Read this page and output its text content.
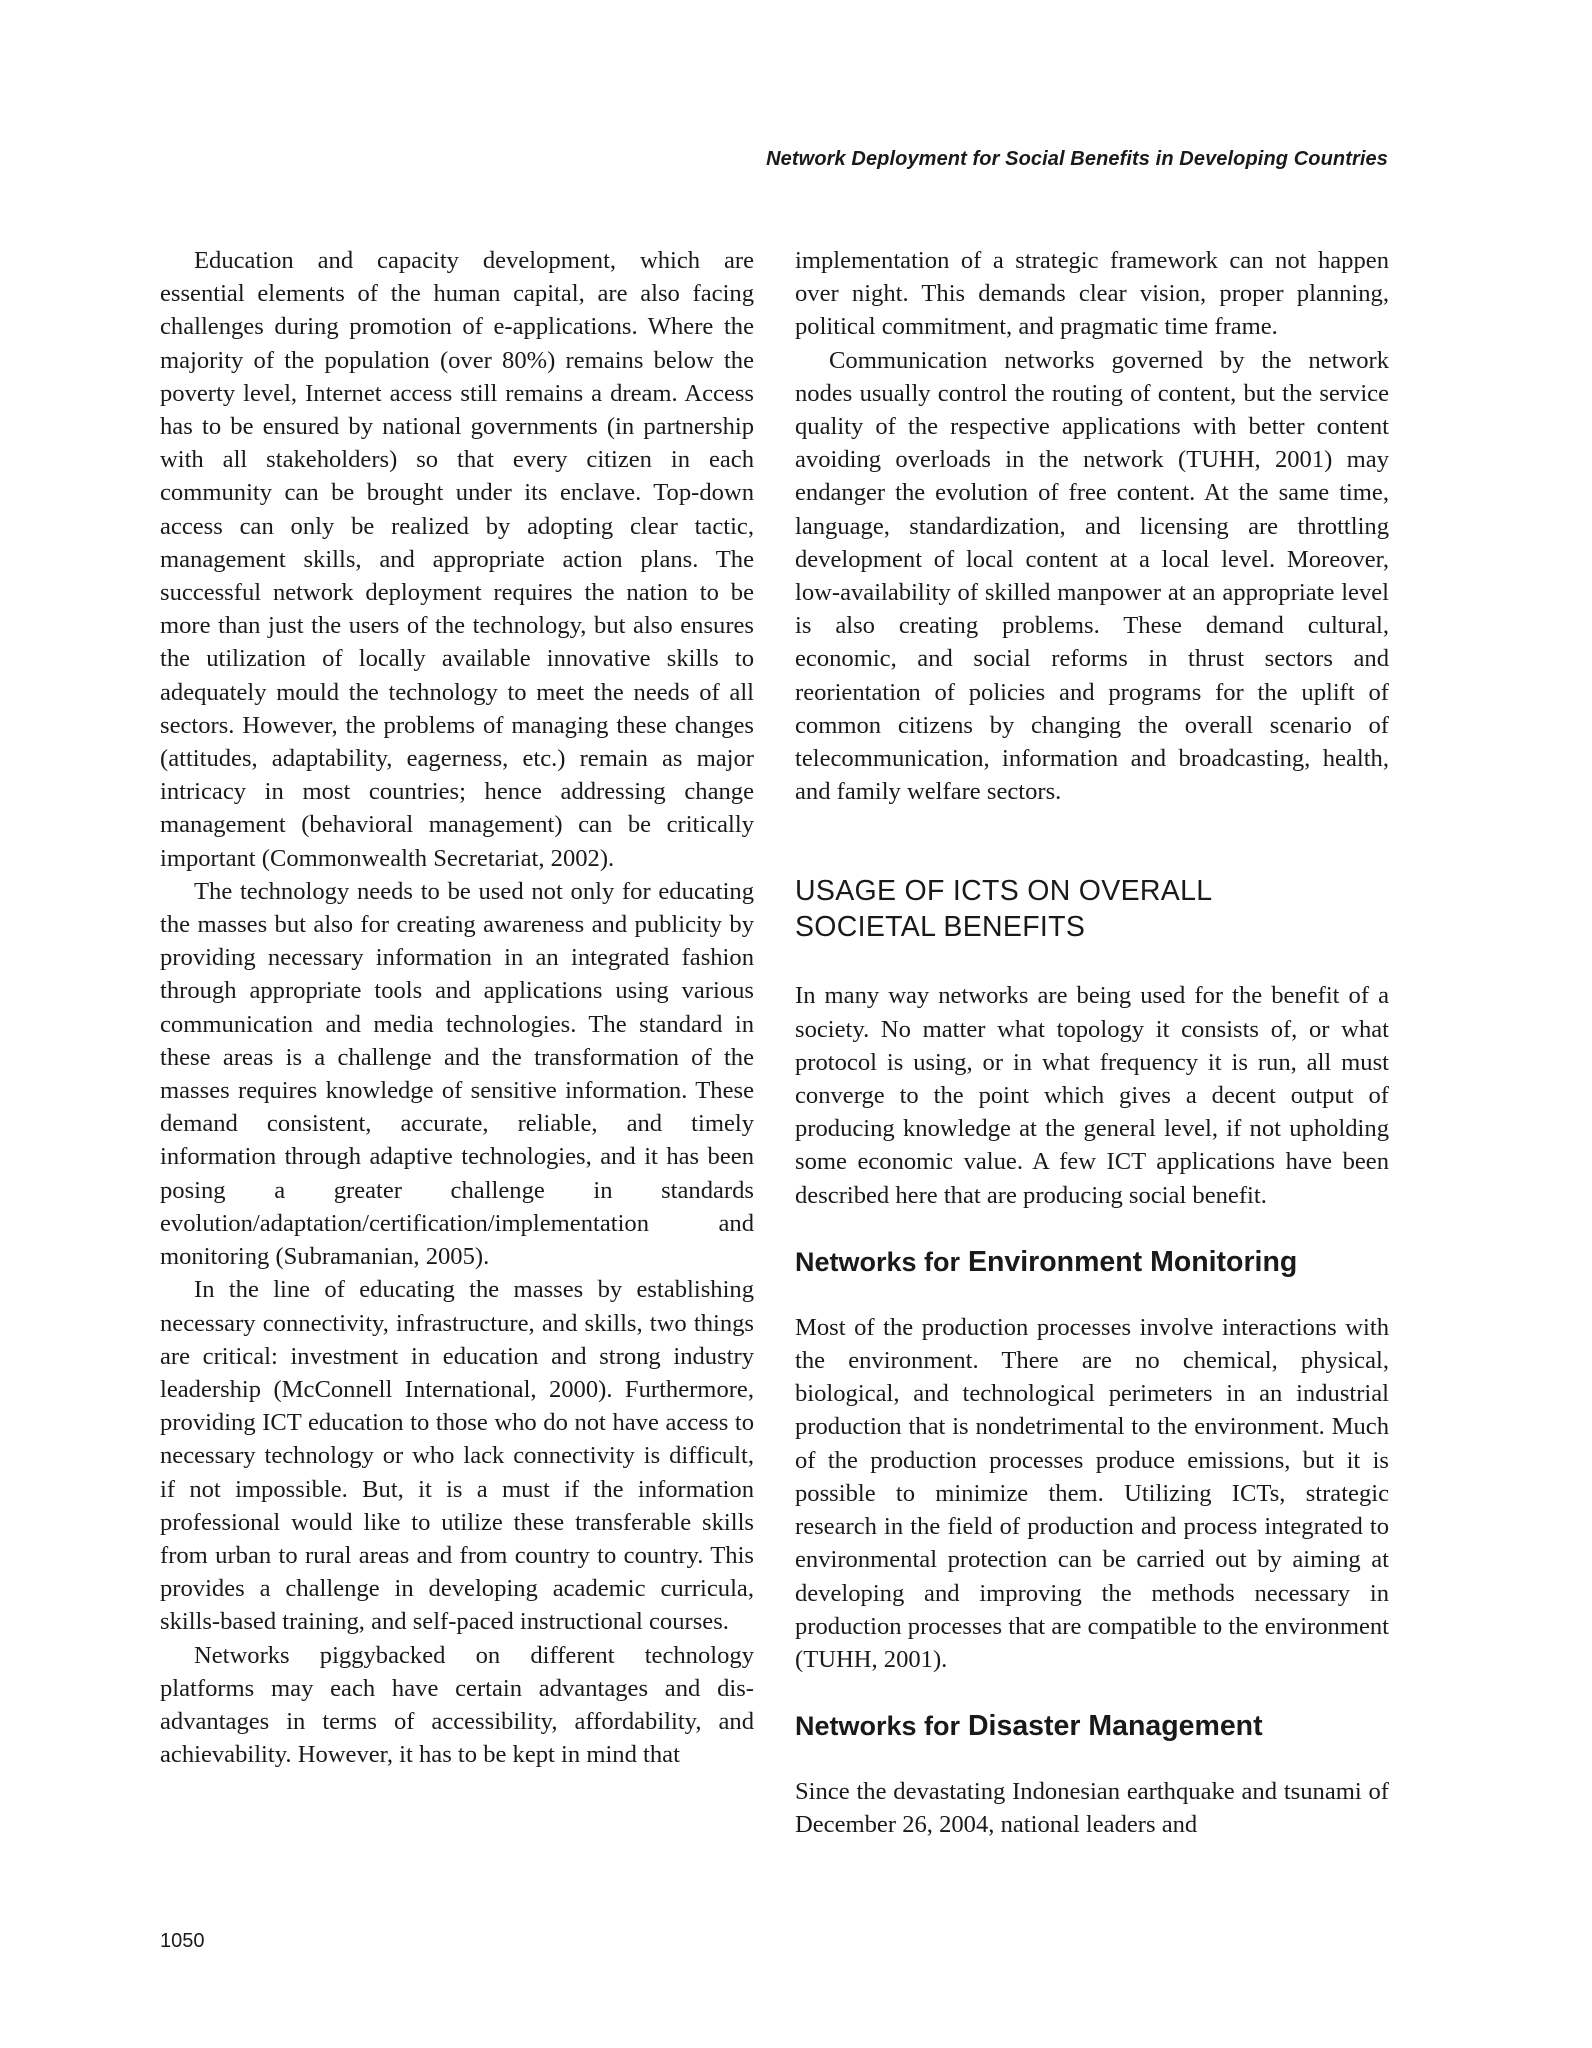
Network Deployment for Social Benefits in Developing Countries

Education and capacity development, which are essential elements of the human capital, are also facing challenges during promotion of e-applications. Where the majority of the population (over 80%) remains below the poverty level, Internet access still remains a dream. Access has to be ensured by national governments (in partnership with all stakeholders) so that every citizen in each community can be brought under its enclave. Top-down access can only be realized by adopting clear tactic, management skills, and appropriate action plans. The successful network deployment requires the nation to be more than just the users of the technology, but also ensures the utilization of locally available innovative skills to adequately mould the technology to meet the needs of all sectors. However, the problems of managing these changes (attitudes, adaptability, eagerness, etc.) remain as major intricacy in most countries; hence addressing change management (behavioral management) can be critically important (Commonwealth Secretariat, 2002).

The technology needs to be used not only for educating the masses but also for creating awareness and publicity by providing necessary information in an integrated fashion through appropriate tools and applications using various communication and media technologies. The standard in these areas is a challenge and the transformation of the masses requires knowledge of sensitive information. These demand consistent, accurate, reliable, and timely information through adaptive technologies, and it has been posing a greater challenge in standards evolution/adaptation/​certification/implementation and monitoring (Subramanian, 2005).

In the line of educating the masses by establishing necessary connectivity, infrastructure, and skills, two things are critical: investment in education and strong industry leadership (McConnell International, 2000). Furthermore, providing ICT education to those who do not have access to necessary technology or who lack connectivity is difficult, if not impossible. But, it is a must if the information professional would like to utilize these transferable skills from urban to rural areas and from country to country. This provides a challenge in developing academic curricula, skills-based training, and self-paced instructional courses.

Networks piggybacked on different technology platforms may each have certain advantages and disadvantages in terms of accessibility, affordability, and achievability. However, it has to be kept in mind that

implementation of a strategic framework can not happen over night. This demands clear vision, proper planning, political commitment, and pragmatic time frame.

Communication networks governed by the network nodes usually control the routing of content, but the service quality of the respective applications with better content avoiding overloads in the network (TUHH, 2001) may endanger the evolution of free content. At the same time, language, standardization, and licensing are throttling development of local content at a local level. Moreover, low-availability of skilled manpower at an appropriate level is also creating problems. These demand cultural, economic, and social reforms in thrust sectors and reorientation of policies and programs for the uplift of common citizens by changing the overall scenario of telecommunication, information and broadcasting, health, and family welfare sectors.

USAGE OF ICTS ON OVERALL
SOCIETAL BENEFITS

In many way networks are being used for the benefit of a society. No matter what topology it consists of, or what protocol is using, or in what frequency it is run, all must converge to the point which gives a decent output of producing knowledge at the general level, if not upholding some economic value. A few ICT applications have been described here that are producing social benefit.

Networks for Environment Monitoring

Most of the production processes involve interactions with the environment. There are no chemical, physical, biological, and technological perimeters in an industrial production that is nondetrimental to the environment. Much of the production processes produce emissions, but it is possible to minimize them. Utilizing ICTs, strategic research in the field of production and process integrated to environmental protection can be carried out by aiming at developing and improving the methods necessary in production processes that are compatible to the environment (TUHH, 2001).

Networks for Disaster Management

Since the devastating Indonesian earthquake and tsunami of December 26, 2004, national leaders and

1050
